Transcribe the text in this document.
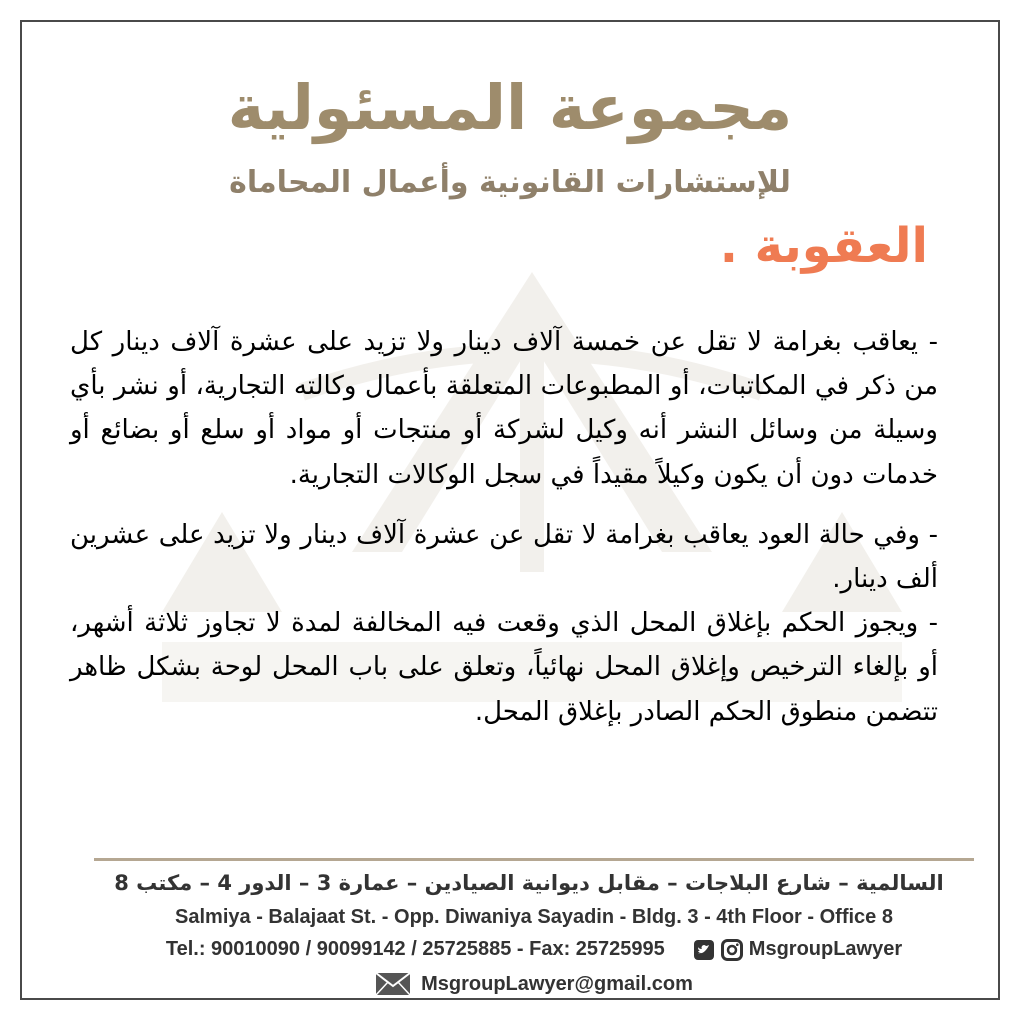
مجموعة المسئولية
للإستشارات القانونية وأعمال المحاماة
العقوبة .

- يعاقب بغرامة لا تقل عن خمسة آلاف دينار ولا تزيد على عشرة آلاف دينار كل من ذكر في المكاتبات، أو المطبوعات المتعلقة بأعمال وكالته التجارية، أو نشر بأي وسيلة من وسائل النشر أنه وكيل لشركة أو منتجات أو مواد أو سلع أو بضائع أو خدمات دون أن يكون وكيلاً مقيداً في سجل الوكالات التجارية.

- وفي حالة العود يعاقب بغرامة لا تقل عن عشرة آلاف دينار ولا تزيد على عشرين ألف دينار.

- ويجوز الحكم بإغلاق المحل الذي وقعت فيه المخالفة لمدة لا تجاوز ثلاثة أشهر، أو بإلغاء الترخيص وإغلاق المحل نهائياً، وتعلق على باب المحل لوحة بشكل ظاهر تتضمن منطوق الحكم الصادر بإغلاق المحل.

السالمية – شارع البلاجات – مقابل ديوانية الصيادين – عمارة 3 – الدور 4 – مكتب 8
Salmiya - Balajaat St. - Opp. Diwaniya Sayadin - Bldg. 3 - 4th Floor - Office 8
Tel.: 90010090 / 90099142 / 25725885 - Fax: 25725995	MsgroupLawyer
MsgroupLawyer@gmail.com
